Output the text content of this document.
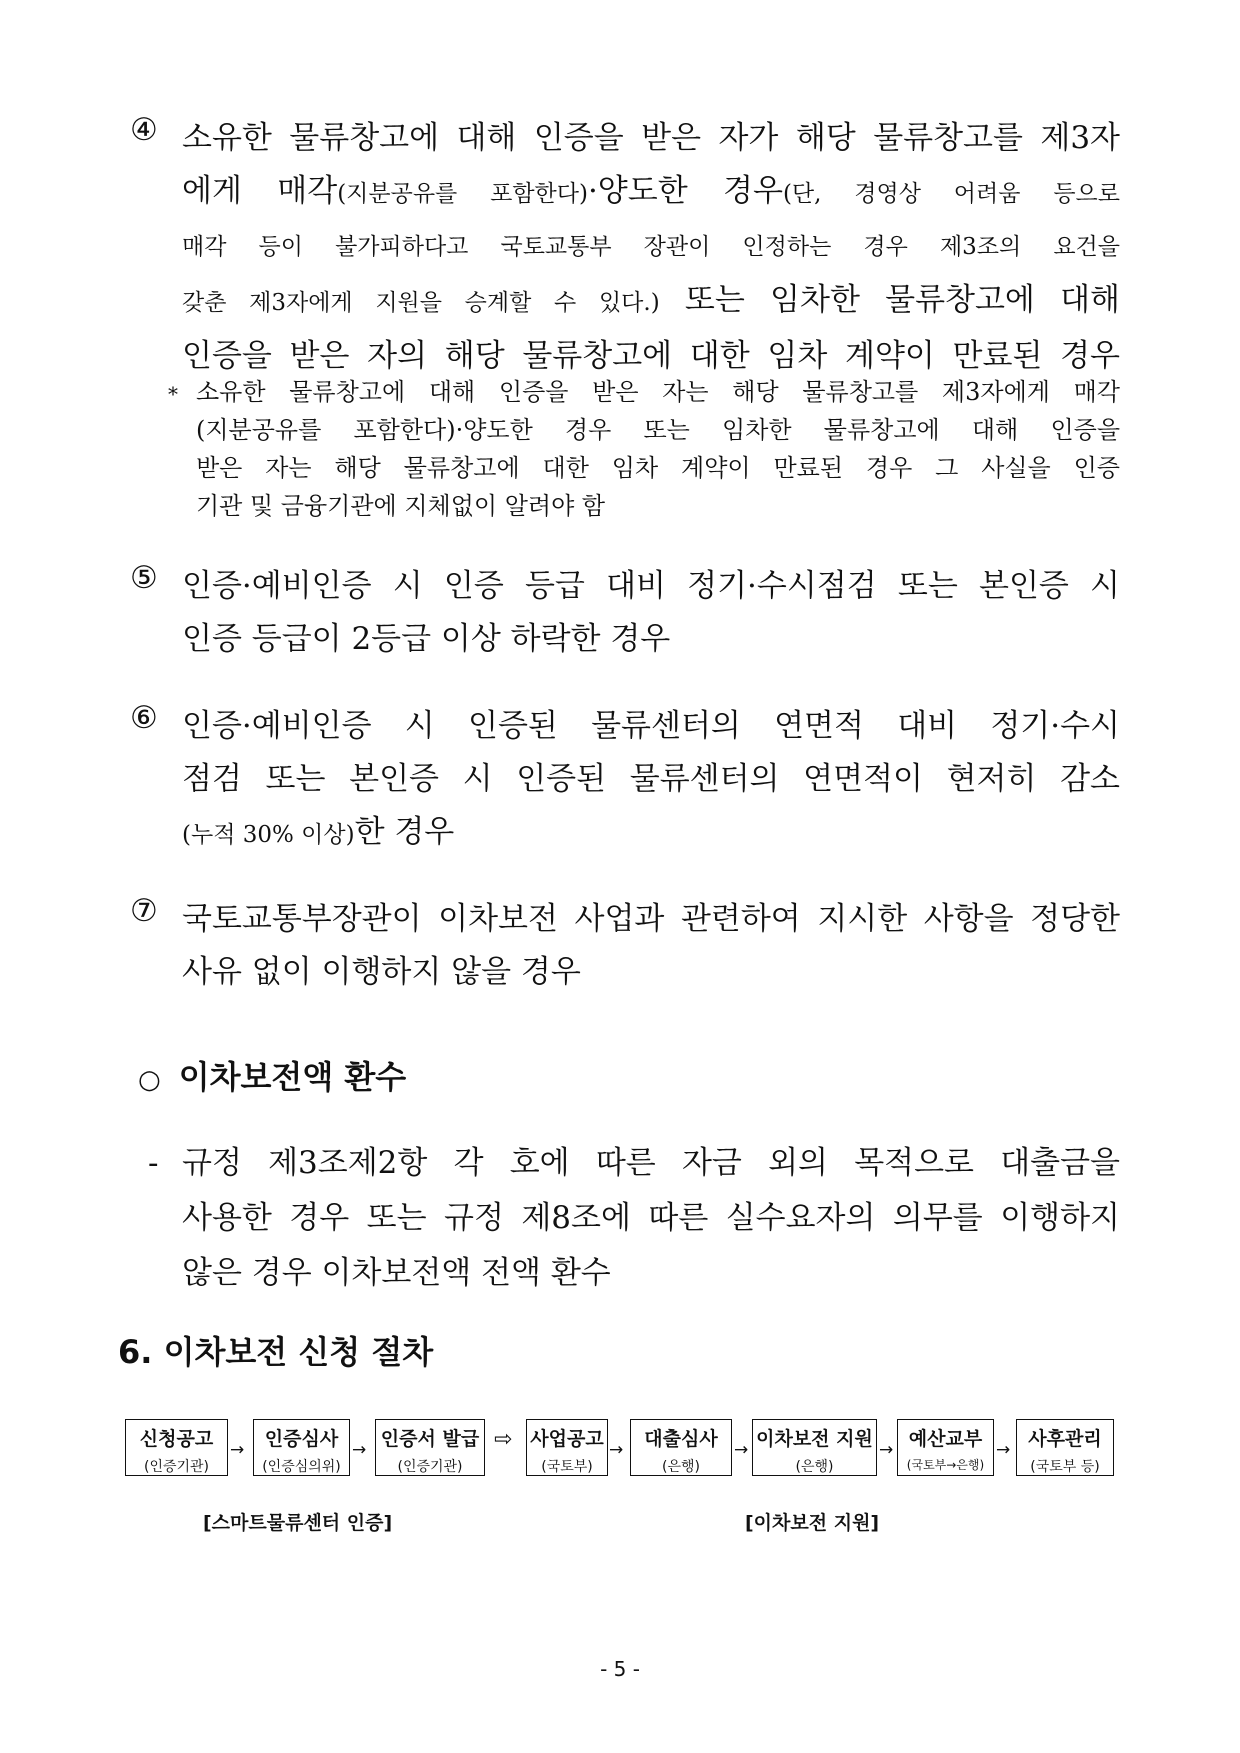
④ 소유한 물류창고에 대해 인증을 받은 자가 해당 물류창고를 제3자
에게 매각(지분공유를 포함한다)·양도한 경우(단, 경영상 어려움 등으로
매각 등이 불가피하다고 국토교통부 장관이 인정하는 경우 제3조의 요건을
갖춘 제3자에게 지원을 승계할 수 있다.) 또는 임차한 물류창고에 대해
인증을 받은 자의 해당 물류창고에 대한 임차 계약이 만료된 경우
* 소유한 물류창고에 대해 인증을 받은 자는 해당 물류창고를 제3자에게 매각
(지분공유를 포함한다)·양도한 경우 또는 임차한 물류창고에 대해 인증을
받은 자는 해당 물류창고에 대한 임차 계약이 만료된 경우 그 사실을 인증
기관 및 금융기관에 지체없이 알려야 함
⑤ 인증·예비인증 시 인증 등급 대비 정기·수시점검 또는 본인증 시
인증 등급이 2등급 이상 하락한 경우
⑥ 인증·예비인증 시 인증된 물류센터의 연면적 대비 정기·수시
점검 또는 본인증 시 인증된 물류센터의 연면적이 현저히 감소
(누적 30% 이상)한 경우
⑦ 국토교통부장관이 이차보전 사업과 관련하여 지시한 사항을 정당한
사유 없이 이행하지 않을 경우
○ 이차보전액 환수
- 규정 제3조제2항 각 호에 따른 자금 외의 목적으로 대출금을
사용한 경우 또는 규정 제8조에 따른 실수요자의 의무를 이행하지
않은 경우 이차보전액 전액 환수
6. 이차보전 신청 절차
신청공고
(인증기관)
→	인증심사
(인증심의위)
→ 인증서 발급
(인증기관)
⇨ 사업공고
(국토부)
→	대출심사
(은행)
→ 이차보전 지원
(은행)
→ 예산교부
(국토부→은행)
→ 사후관리
(국토부 등)
[스마트물류센터 인증]	[이차보전 지원]
- 5 -
